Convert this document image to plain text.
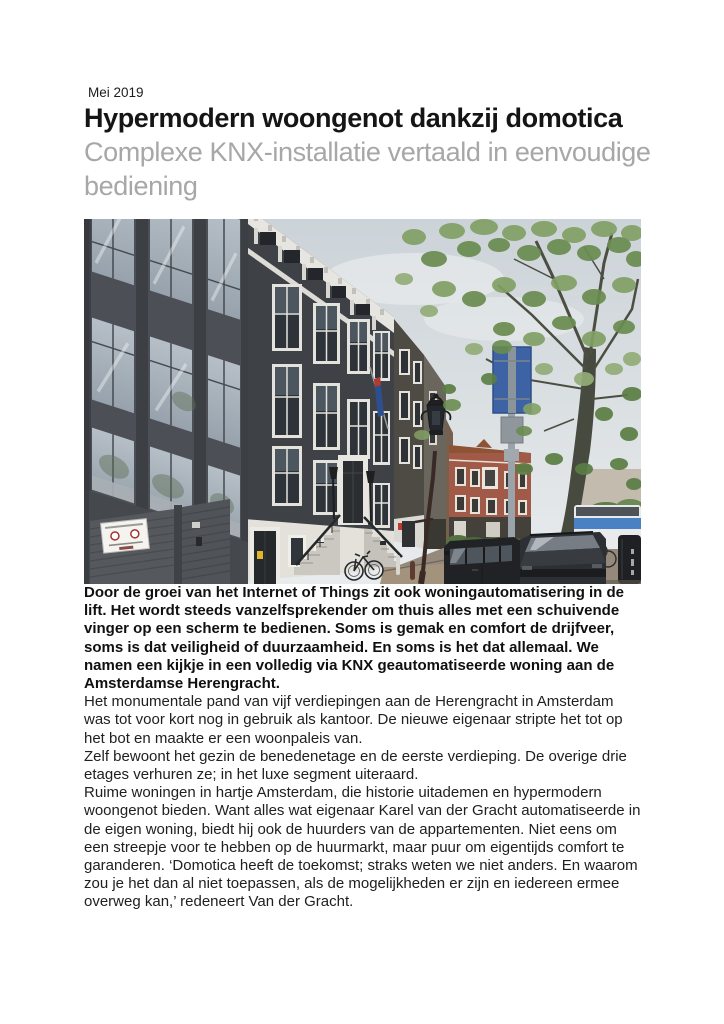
Mei 2019
Hypermodern woongenot dankzij domotica Complexe KNX-installatie vertaald in eenvoudige bediening

Door de groei van het Internet of Things zit ook woningautomatisering in de lift. Het wordt steeds vanzelfsprekender om thuis alles met een schuivende vinger op een scherm te bedienen. Soms is gemak en comfort de drijfveer, soms is dat veiligheid of duurzaamheid. En soms is het dat allemaal. We namen een kijkje in een volledig via KNX geautomatiseerde woning aan de Amsterdamse Herengracht.

Het monumentale pand van vijf verdiepingen aan de Herengracht in Amsterdam was tot voor kort nog in gebruik als kantoor. De nieuwe eigenaar stripte het tot op het bot en maakte er een woonpaleis van.

Zelf bewoont het gezin de benedenetage en de eerste verdieping. De overige drie etages verhuren ze; in het luxe segment uiteraard.

Ruime woningen in hartje Amsterdam, die historie uitademen en hypermodern woongenot bieden. Want alles wat eigenaar Karel van der Gracht automatiseerde in de eigen woning, biedt hij ook de huurders van de appartementen. Niet eens om een streepje voor te hebben op de huurmarkt, maar puur om eigentijds comfort te garanderen. ‘Domotica heeft de toekomst; straks weten we niet anders. En waarom zou je het dan al niet toepassen, als de mogelijkheden er zijn en iedereen ermee overweg kan,’ redeneert Van der Gracht.
